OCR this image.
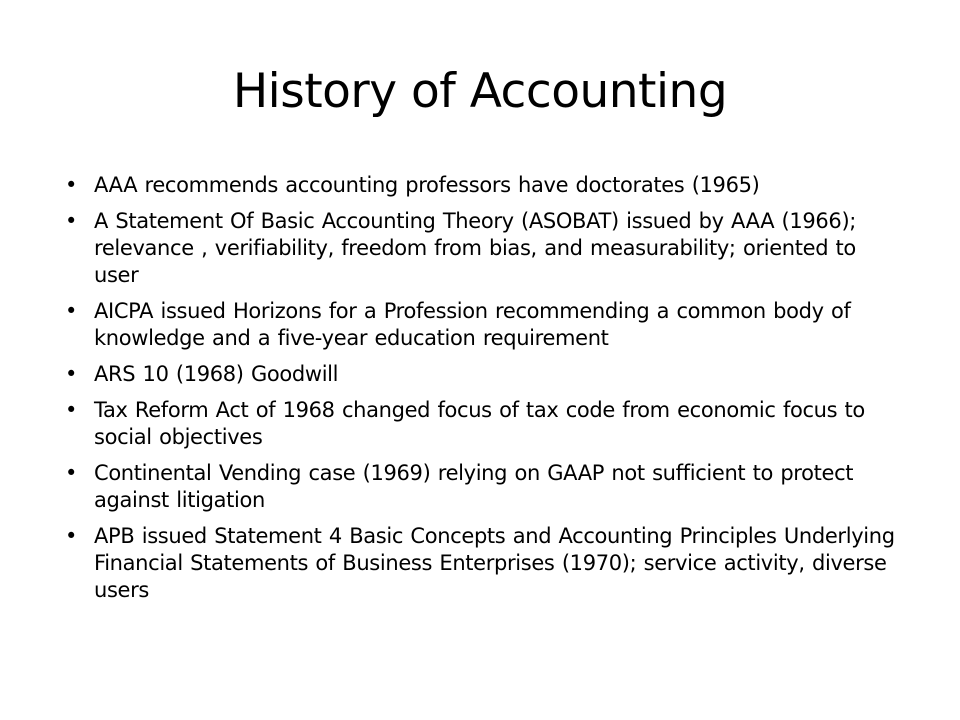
History of Accounting
• AAA recommends accounting professors have doctorates (1965)
• A Statement Of Basic Accounting Theory (ASOBAT) issued by AAA (1966); relevance , verifiability, freedom from bias, and measurability; oriented to user
• AICPA issued Horizons for a Profession recommending a common body of knowledge and a five-year education requirement
• ARS 10 (1968) Goodwill
• Tax Reform Act of 1968 changed focus of tax code from economic focus to social objectives
• Continental Vending case (1969) relying on GAAP not sufficient to protect against litigation
• APB issued Statement 4 Basic Concepts and Accounting Principles Underlying Financial Statements of Business Enterprises (1970); service activity, diverse users
